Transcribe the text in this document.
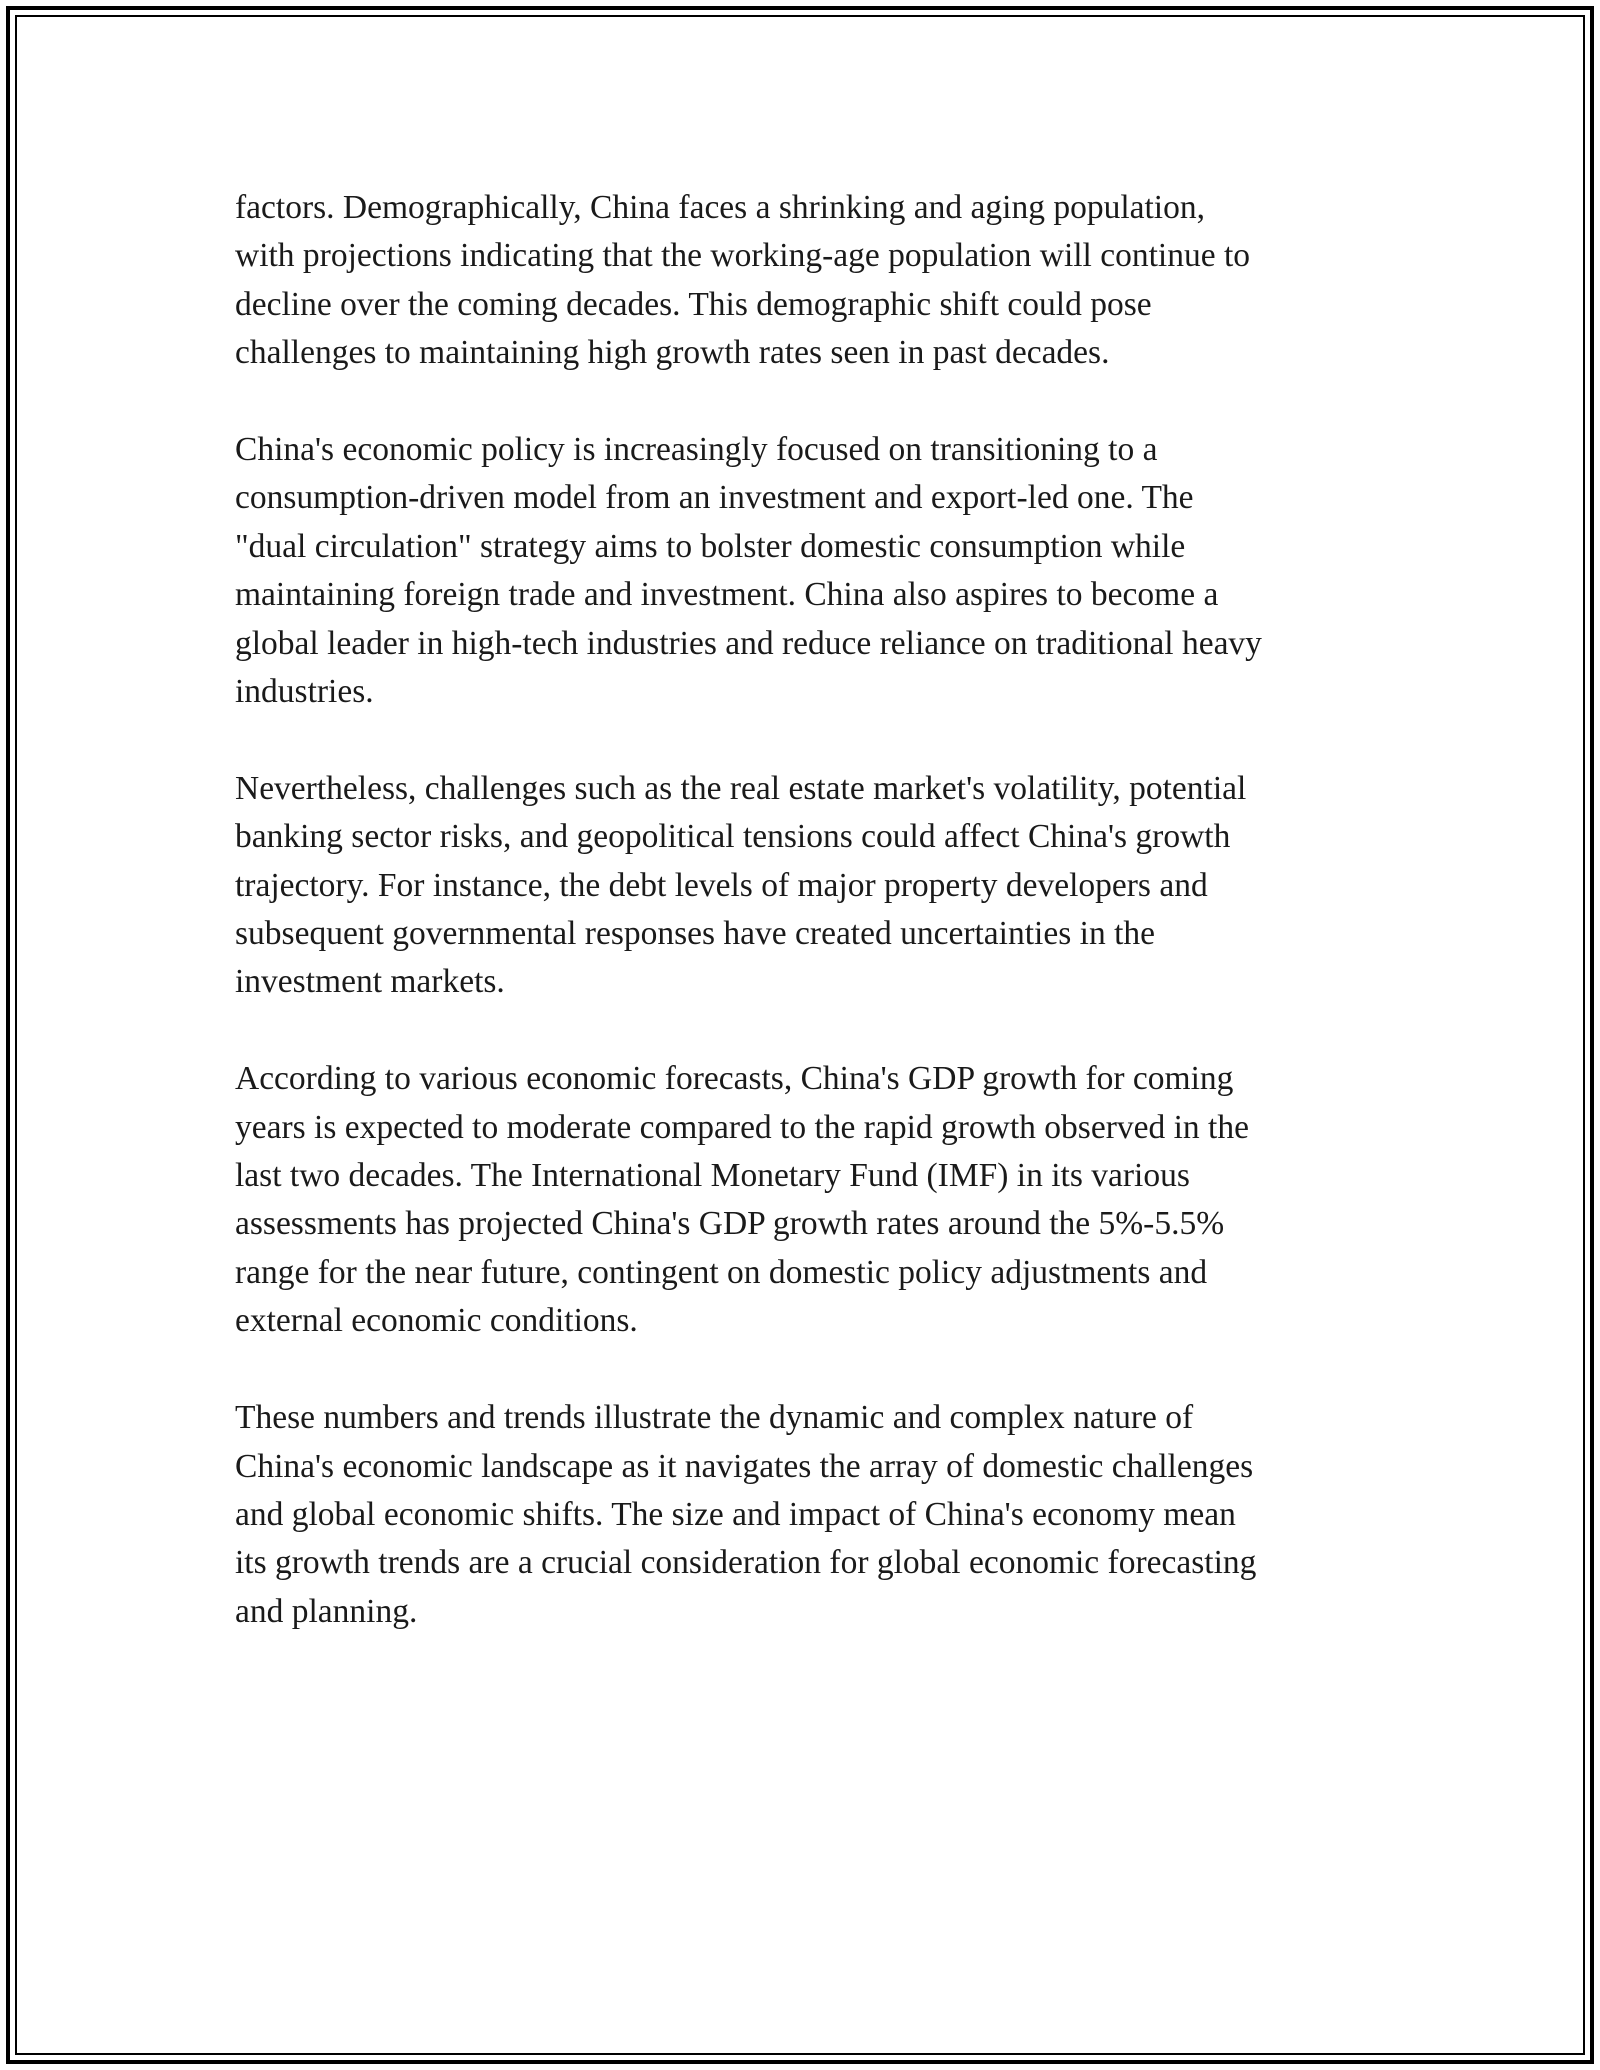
factors. Demographically, China faces a shrinking and aging population,
with projections indicating that the working-age population will continue to
decline over the coming decades. This demographic shift could pose
challenges to maintaining high growth rates seen in past decades.

China's economic policy is increasingly focused on transitioning to a
consumption-driven model from an investment and export-led one. The
"dual circulation" strategy aims to bolster domestic consumption while
maintaining foreign trade and investment. China also aspires to become a
global leader in high-tech industries and reduce reliance on traditional heavy
industries.

Nevertheless, challenges such as the real estate market's volatility, potential
banking sector risks, and geopolitical tensions could affect China's growth
trajectory. For instance, the debt levels of major property developers and
subsequent governmental responses have created uncertainties in the
investment markets.

According to various economic forecasts, China's GDP growth for coming
years is expected to moderate compared to the rapid growth observed in the
last two decades. The International Monetary Fund (IMF) in its various
assessments has projected China's GDP growth rates around the 5%-5.5%
range for the near future, contingent on domestic policy adjustments and
external economic conditions.

These numbers and trends illustrate the dynamic and complex nature of
China's economic landscape as it navigates the array of domestic challenges
and global economic shifts. The size and impact of China's economy mean
its growth trends are a crucial consideration for global economic forecasting
and planning.
